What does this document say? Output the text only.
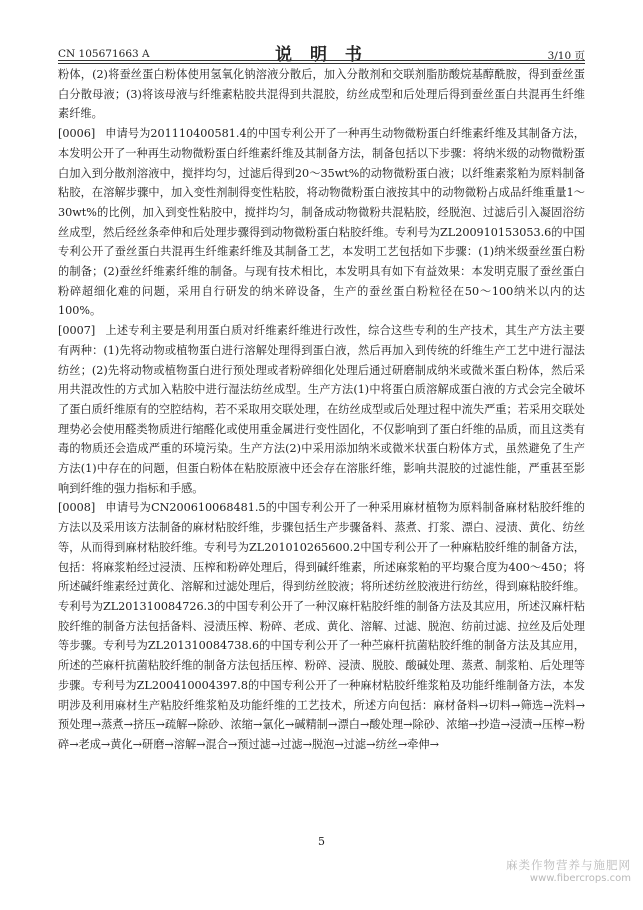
CN 105671663 A	说 明 书	3/10 页

粉体，(2)将蚕丝蛋白粉体使用氢氧化钠溶液分散后，加入分散剂和交联剂脂肪酸烷基醇酰胺，得到蚕丝蛋白分散母液；(3)将该母液与纤维素粘胶共混得到共混胶，纺丝成型和后处理后得到蚕丝蛋白共混再生纤维素纤维。

[0006] 申请号为201110400581.4的中国专利公开了一种再生动物微粉蛋白纤维素纤维及其制备方法，本发明公开了一种再生动物微粉蛋白纤维素纤维及其制备方法，制备包括以下步骤：将纳米级的动物微粉蛋白加入到分散剂溶液中，搅拌均匀，过滤后得到20～35wt%的动物微粉蛋白液；以纤维素浆粕为原料制备粘胶，在溶解步骤中，加入变性剂制得变性粘胶，将动物微粉蛋白液按其中的动物微粉占成品纤维重量1～30wt%的比例，加入到变性粘胶中，搅拌均匀，制备成动物微粉共混粘胶，经脱泡、过滤后引入凝固浴纺丝成型，然后经丝条牵伸和后处理步骤得到动物微粉蛋白粘胶纤维。专利号为ZL200910153053.6的中国专利公开了蚕丝蛋白共混再生纤维素纤维及其制备工艺，本发明工艺包括如下步骤：(1)纳米级蚕丝蛋白粉的制备；(2)蚕丝纤维素纤维的制备。与现有技术相比，本发明具有如下有益效果：本发明克服了蚕丝蛋白粉碎超细化难的问题，采用自行研发的纳米碎设备，生产的蚕丝蛋白粉粒径在50～100纳米以内的达100%。

[0007] 上述专利主要是利用蛋白质对纤维素纤维进行改性，综合这些专利的生产技术，其生产方法主要有两种：(1)先将动物或植物蛋白进行溶解处理得到蛋白液，然后再加入到传统的纤维生产工艺中进行湿法纺丝；(2)先将动物或植物蛋白进行预处理或者粉碎细化处理后通过研磨制成纳米或微米蛋白粉体，然后采用共混改性的方式加入粘胶中进行湿法纺丝成型。生产方法(1)中将蛋白质溶解成蛋白液的方式会完全破坏了蛋白质纤维原有的空腔结构，若不采取用交联处理，在纺丝成型或后处理过程中流失严重；若采用交联处理势必会使用醛类物质进行缩醛化或使用重金属进行变性固化，不仅影响到了蛋白纤维的品质，而且这类有毒的物质还会造成严重的环境污染。生产方法(2)中采用添加纳米或微米状蛋白粉体方式，虽然避免了生产方法(1)中存在的问题，但蛋白粉体在粘胶原液中还会存在溶胀纤维，影响共混胶的过滤性能，严重甚至影响到纤维的强力指标和手感。

[0008] 申请号为CN200610068481.5的中国专利公开了一种采用麻材植物为原料制备麻材粘胶纤维的方法以及采用该方法制备的麻材粘胶纤维，步骤包括生产步骤备料、蒸煮、打浆、漂白、浸渍、黄化、纺丝等，从而得到麻材粘胶纤维。专利号为ZL201010265600.2中国专利公开了一种麻粘胶纤维的制备方法，包括：将麻浆粕经过浸渍、压榨和粉碎处理后，得到碱纤维素，所述麻浆粕的平均聚合度为400～450；将所述碱纤维素经过黄化、溶解和过滤处理后，得到纺丝胶液；将所述纺丝胶液进行纺丝，得到麻粘胶纤维。专利号为ZL201310084726.3的中国专利公开了一种汉麻杆粘胶纤维的制备方法及其应用，所述汉麻杆粘胶纤维的制备方法包括备料、浸渍压榨、粉碎、老成、黄化、溶解、过滤、脱泡、纺前过滤、拉丝及后处理等步骤。专利号为ZL201310084738.6的中国专利公开了一种苎麻杆抗菌粘胶纤维的制备方法及其应用，所述的苎麻杆抗菌粘胶纤维的制备方法包括压榨、粉碎、浸渍、脱胶、酸碱处理、蒸煮、制浆粕、后处理等步骤。专利号为ZL200410004397.8的中国专利公开了一种麻材粘胶纤维浆粕及功能纤维制备方法，本发明涉及利用麻材生产粘胶纤维浆粕及功能纤维的工艺技术，所述方向包括：麻材备料→切料→筛选→洗料→预处理→蒸煮→挤压→疏解→除砂、浓缩→氯化→碱精制→漂白→酸处理→除砂、浓缩→抄造→浸渍→压榨→粉碎→老成→黄化→研磨→溶解→混合→预过滤→过滤→脱泡→过滤→纺丝→牵伸→

5
麻类作物营养与施肥网
www.fibercrops.com
